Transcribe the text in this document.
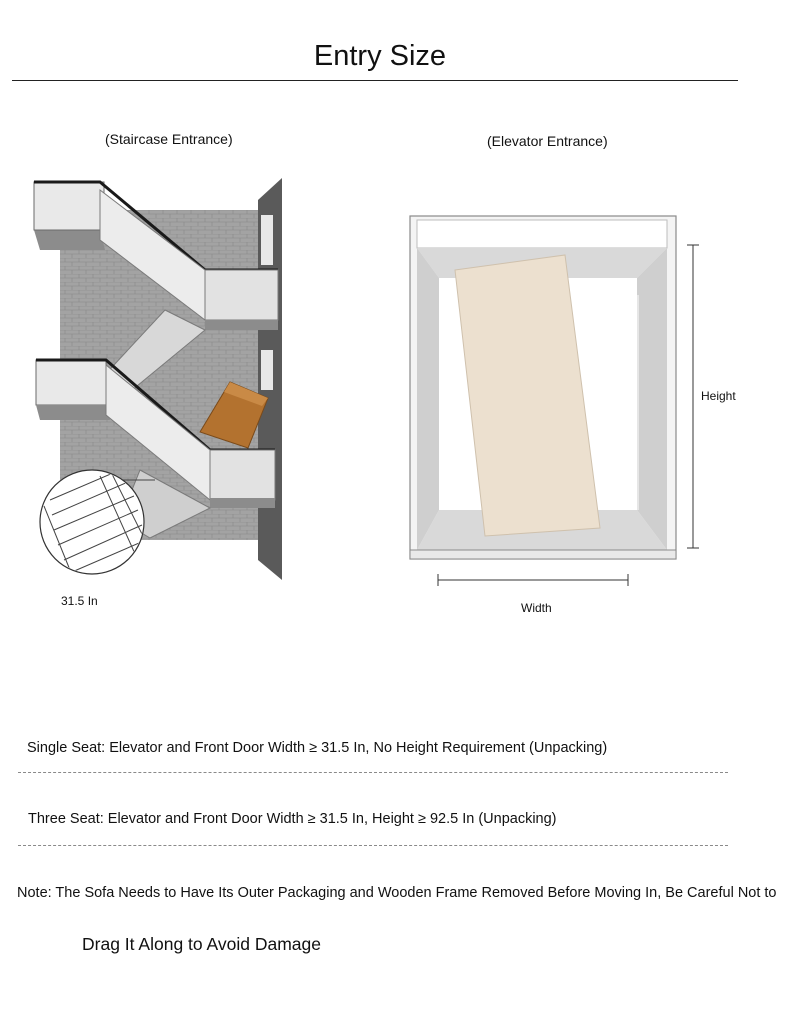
Entry Size
(Staircase Entrance)
31.5 In
(Elevator Entrance)
Height
Width
Single Seat: Elevator and Front Door Width ≥ 31.5 In, No Height Requirement (Unpacking)
Three Seat: Elevator and Front Door Width ≥ 31.5 In, Height ≥ 92.5 In (Unpacking)
Note: The Sofa Needs to Have Its Outer Packaging and Wooden Frame Removed Before Moving In, Be Careful Not to
Drag It Along to Avoid Damage
